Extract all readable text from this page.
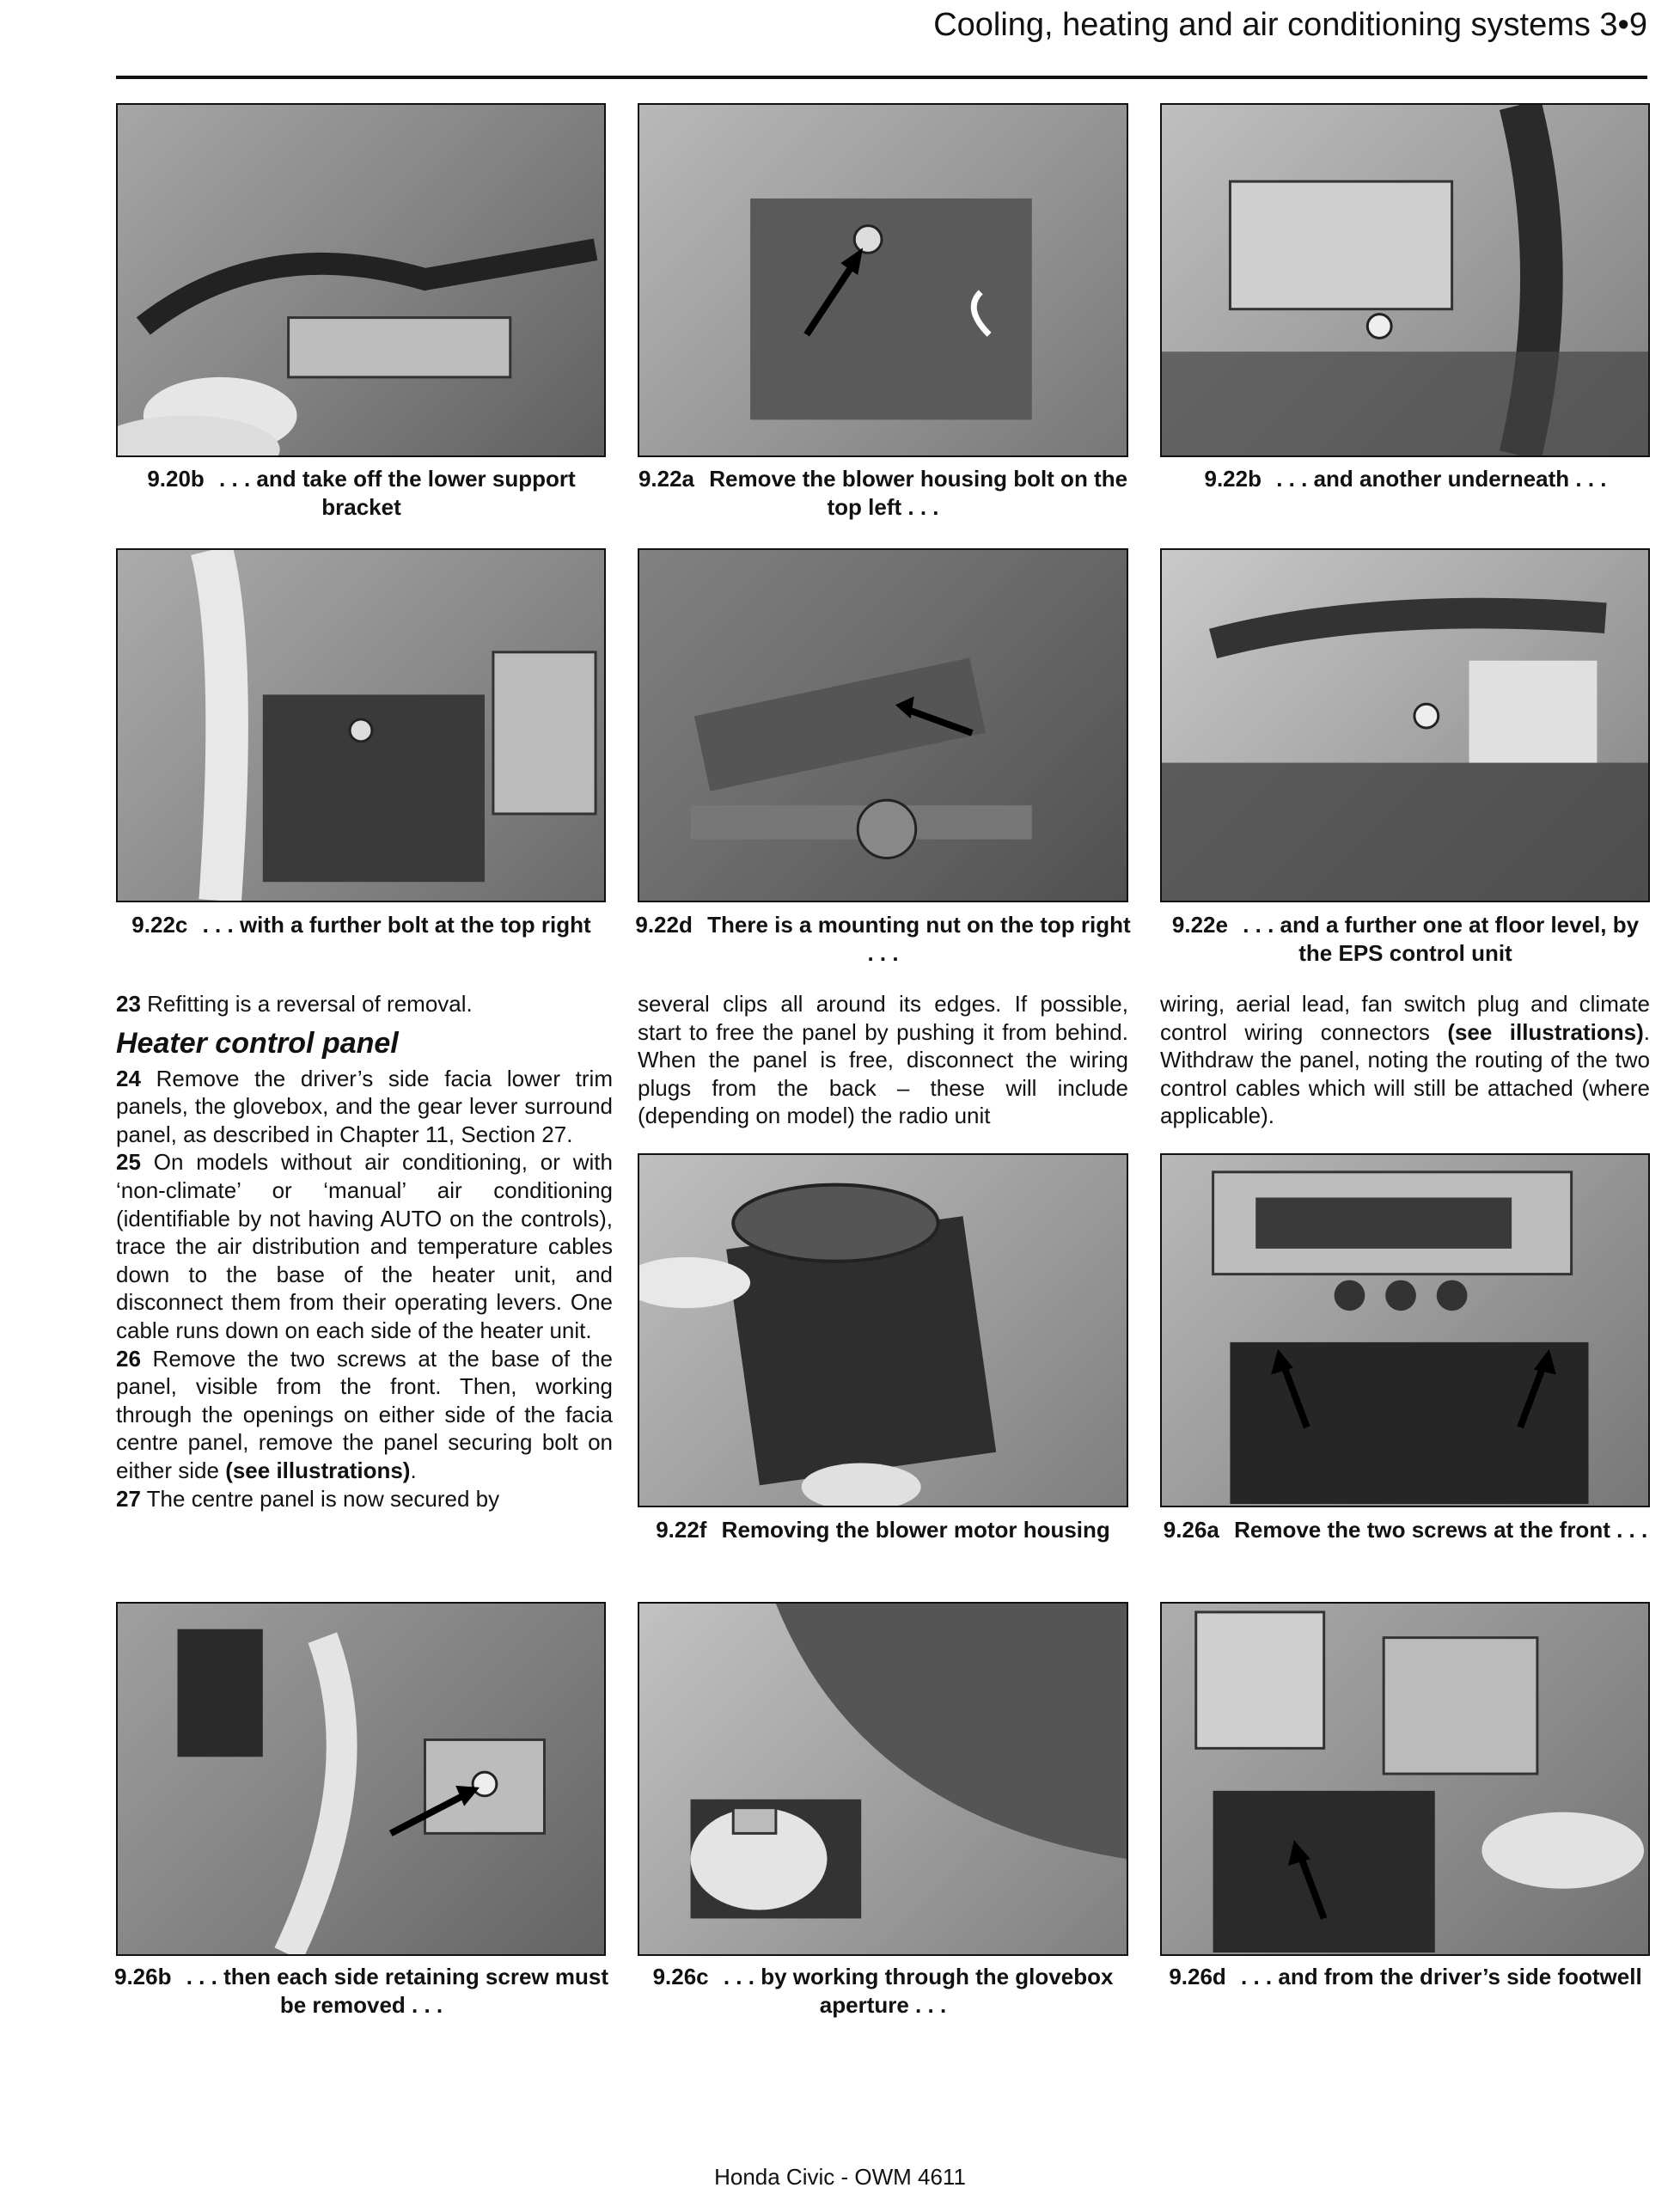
Cooling, heating and air conditioning systems 3•9
9.20b . . . and take off the lower support bracket
9.22a Remove the blower housing bolt on the top left . . .
9.22b . . . and another underneath . . .
9.22c . . . with a further bolt at the top right	9.22d There is a mounting nut on the top right . . .
9.22e . . . and a further one at floor level, by the EPS control unit

23 Refitting is a reversal of removal.

Heater control panel

24 Remove the driver’s side facia lower trim panels, the glovebox, and the gear lever surround panel, as described in Chapter 11, Section 27.

25 On models without air conditioning, or with ‘non-climate’ or ‘manual’ air conditioning (identifiable by not having AUTO on the controls), trace the air distribution and temperature cables down to the base of the heater unit, and disconnect them from their operating levers. One cable runs down on each side of the heater unit.

26 Remove the two screws at the base of the panel, visible from the front. Then, working through the openings on either side of the facia centre panel, remove the panel securing bolt on either side (see illustrations).

27 The centre panel is now secured by

several clips all around its edges. If possible, start to free the panel by pushing it from behind. When the panel is free, disconnect the wiring plugs from the back – these will include (depending on model) the radio unit

wiring, aerial lead, fan switch plug and climate control wiring connectors (see illustrations). Withdraw the panel, noting the routing of the two control cables which will still be attached (where applicable).

9.22f Removing the blower motor housing	9.26a Remove the two screws at the front . . .
9.26b . . . then each side retaining screw must be removed . . .
9.26c . . . by working through the glovebox aperture . . .
9.26d . . . and from the driver’s side footwell
Honda Civic - OWM 4611
